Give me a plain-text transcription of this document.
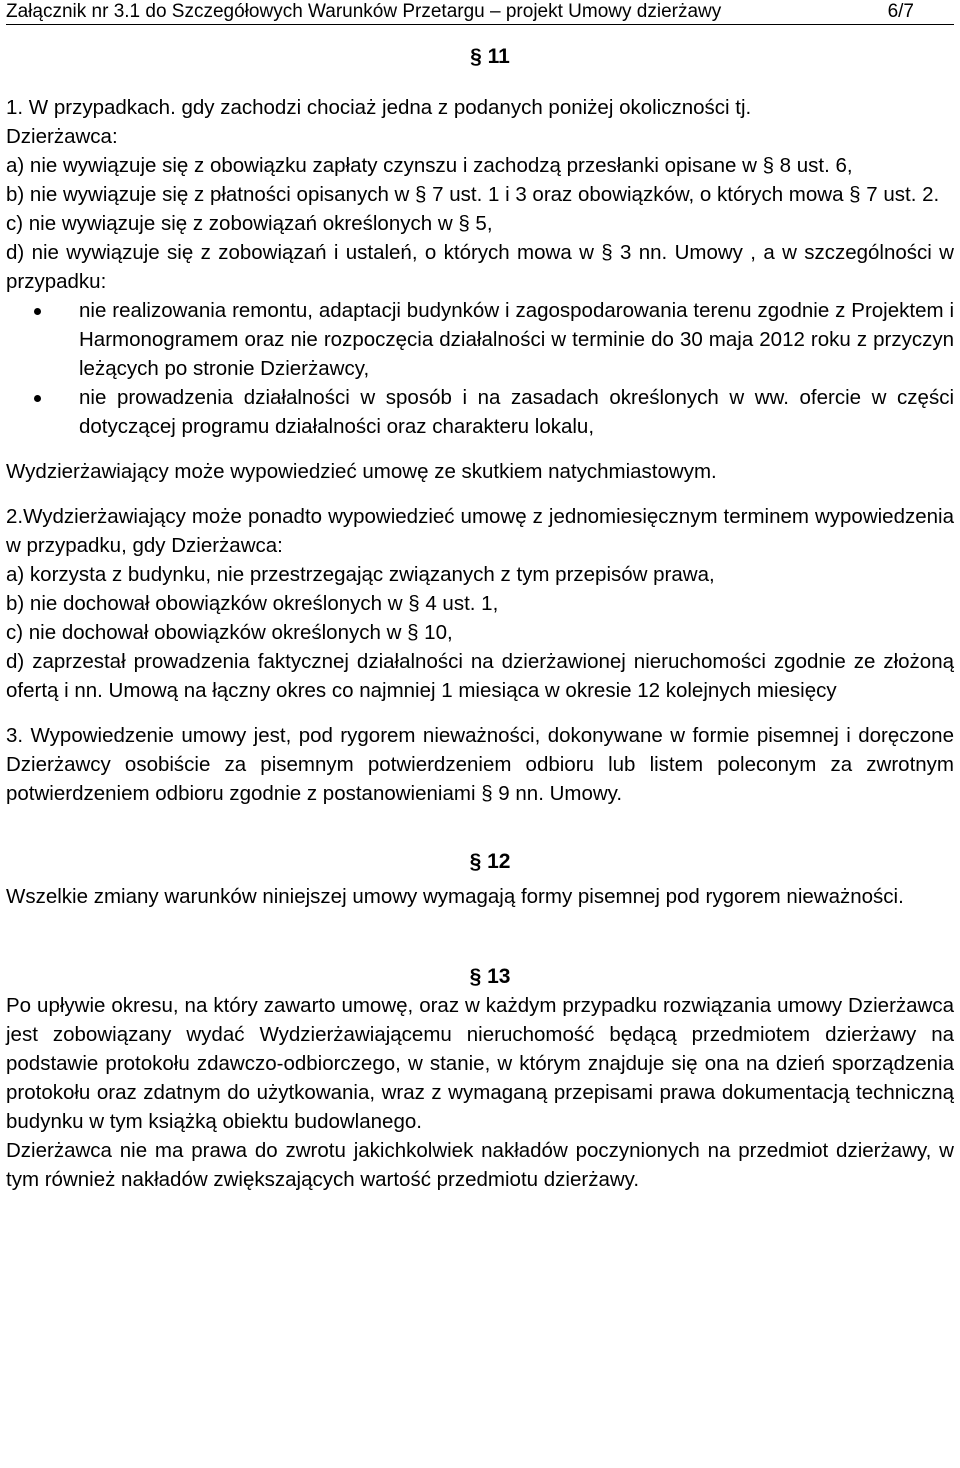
Załącznik nr 3.1 do Szczegółowych Warunków Przetargu – projekt Umowy dzierżawy	6/7
§ 11

1. W przypadkach. gdy zachodzi chociaż jedna z podanych poniżej okoliczności tj.

Dzierżawca:

a) nie wywiązuje się z obowiązku zapłaty czynszu i zachodzą przesłanki opisane w § 8 ust. 6,

b) nie wywiązuje się z płatności opisanych w § 7 ust. 1 i 3 oraz obowiązków, o których mowa § 7 ust. 2.

c) nie wywiązuje się z zobowiązań określonych w § 5,

d) nie wywiązuje się z zobowiązań i ustaleń, o których mowa w § 3 nn. Umowy , a w szczególności w przypadku:

nie realizowania remontu, adaptacji budynków i zagospodarowania terenu zgodnie z Projektem i Harmonogramem oraz nie rozpoczęcia działalności w terminie do 30 maja 2012 roku z przyczyn leżących po stronie Dzierżawcy,
nie prowadzenia działalności w sposób i na zasadach określonych w ww. ofercie w części dotyczącej programu działalności oraz charakteru lokalu,

Wydzierżawiający może wypowiedzieć umowę ze skutkiem natychmiastowym.

2.Wydzierżawiający może ponadto wypowiedzieć umowę z jednomiesięcznym terminem wypowiedzenia w przypadku, gdy Dzierżawca:

a) korzysta z budynku, nie przestrzegając związanych z tym przepisów prawa,

b) nie dochował obowiązków określonych w § 4 ust. 1,

c) nie dochował obowiązków określonych w § 10,

d) zaprzestał prowadzenia faktycznej działalności na dzierżawionej nieruchomości zgodnie ze złożoną ofertą i nn. Umową na łączny okres co najmniej 1 miesiąca w okresie 12 kolejnych miesięcy

3. Wypowiedzenie umowy jest, pod rygorem nieważności, dokonywane w formie pisemnej i doręczone Dzierżawcy osobiście za pisemnym potwierdzeniem odbioru lub listem poleconym za zwrotnym potwierdzeniem odbioru zgodnie z postanowieniami § 9 nn. Umowy.

§ 12

Wszelkie zmiany warunków niniejszej umowy wymagają formy pisemnej pod rygorem nieważności.

§ 13

Po upływie okresu, na który zawarto umowę, oraz w każdym przypadku rozwiązania umowy Dzierżawca jest zobowiązany wydać Wydzierżawiającemu nieruchomość będącą przedmiotem dzierżawy na podstawie protokołu zdawczo-odbiorczego, w stanie, w którym znajduje się ona na dzień sporządzenia protokołu oraz zdatnym do użytkowania, wraz z wymaganą przepisami prawa dokumentacją techniczną budynku w tym książką obiektu budowlanego.

Dzierżawca nie ma prawa do zwrotu jakichkolwiek nakładów poczynionych na przedmiot dzierżawy, w tym również nakładów zwiększających wartość przedmiotu dzierżawy.
